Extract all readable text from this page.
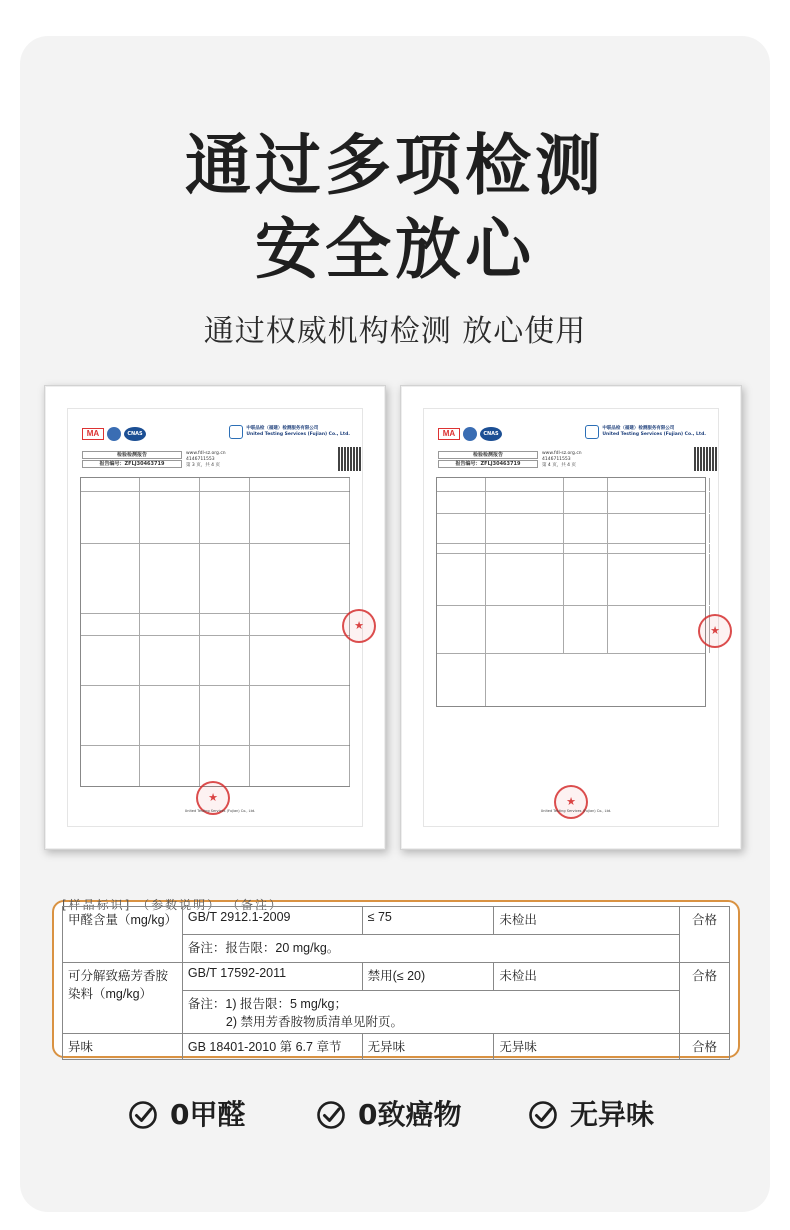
通过多项检测
安全放心
通过权威机构检测 放心使用
MA	CNAS
中联品检（福建）检测服务有限公司
United Testing Services (Fujian) Co., Ltd.
检验检测报告
报告编号：ZFLJ30463719
www.fdl-sz.org.cn
4146711553
第 3 页，共 4 页
★
★
United Testing Services (Fujian) Co., Ltd.
MA	CNAS
中联品检（福建）检测服务有限公司
United Testing Services (Fujian) Co., Ltd.
检验检测报告
报告编号：ZFLJ30463719
www.fdl-sz.org.cn
4146711553
第 4 页，共 4 页
★
★
United Testing Services (Fujian) Co., Ltd.
[样品标识] （参数说明） （备注）
甲醛含量（mg/kg）	GB/T 2912.1-2009	≤ 75	未检出	合格
	备注：报告限：20 mg/kg。			
可分解致癌芳香胺染料（mg/kg）	GB/T 17592-2011	禁用(≤ 20)	未检出	合格

	备注：1) 报告限：5 mg/kg；
2) 禁用芳香胺物质清单见附页。			

异味	GB 18401-2010 第 6.7 章节	无异味	无异味	合格
0甲醛	0致癌物	无异味
